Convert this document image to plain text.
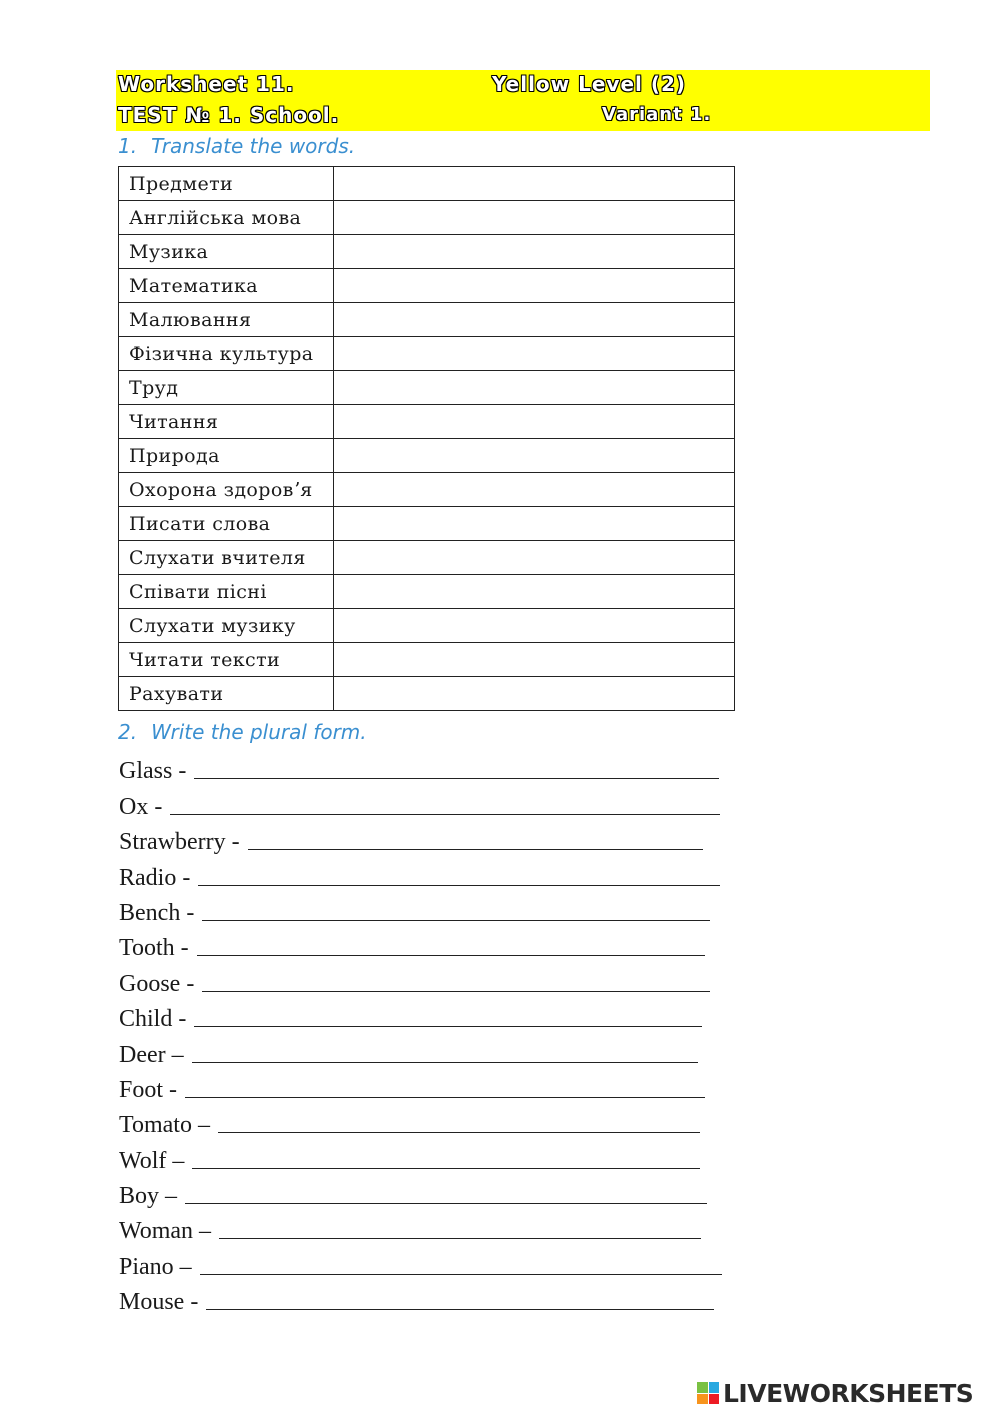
Worksheet 11.	Yellow Level (2)
TEST № 1. School.	Variant 1.
1. Translate the words.
Предмети	
Англійська мова	
Музика	
Математика	
Малювання	
Фізична культура	
Труд	
Читання	
Природа	
Охорона здоровʼя	
Писати слова	
Слухати вчителя	
Співати пісні	
Слухати музику	
Читати тексти	
Рахувати	
2. Write the plural form.
Glass -
Ox -
Strawberry -
Radio -
Bench -
Tooth -
Goose -
Child -
Deer –
Foot -
Tomato –
Wolf –
Boy –
Woman –
Piano –
Mouse -
LIVEWORKSHEETS
